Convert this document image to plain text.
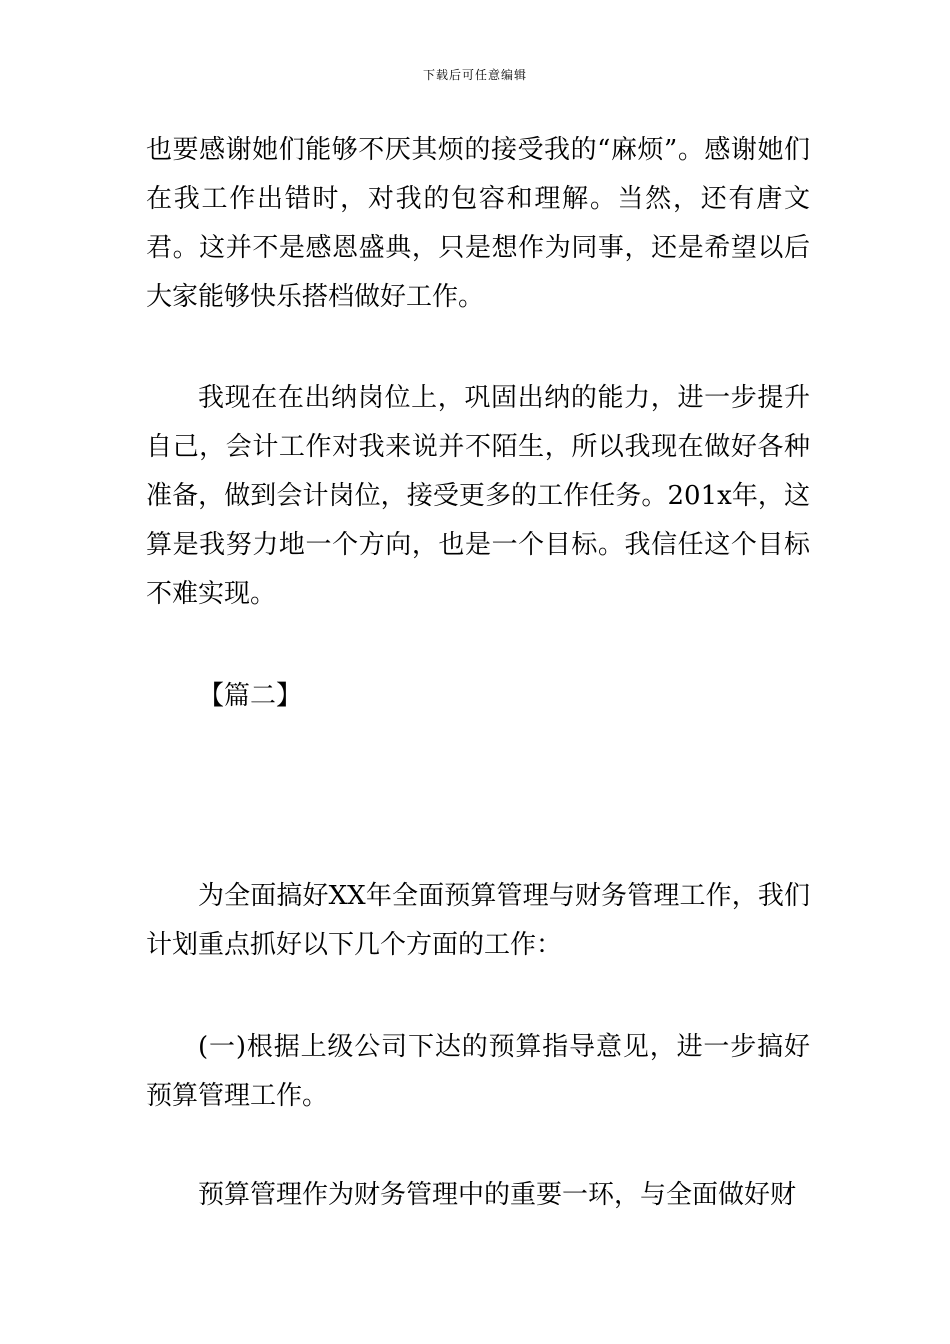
下载后可任意编辑

也要感谢她们能够不厌其烦的接受我的“麻烦”。感谢她们在我工作出错时，对我的包容和理解。当然，还有唐文君。这并不是感恩盛典，只是想作为同事，还是希望以后大家能够快乐搭档做好工作。

我现在在出纳岗位上，巩固出纳的能力，进一步提升自己，会计工作对我来说并不陌生，所以我现在做好各种准备，做到会计岗位，接受更多的工作任务。201x年，这算是我努力地一个方向，也是一个目标。我信任这个目标不难实现。

【篇二】

为全面搞好XX年全面预算管理与财务管理工作，我们计划重点抓好以下几个方面的工作：

(一)根据上级公司下达的预算指导意见，进一步搞好预算管理工作。

预算管理作为财务管理中的重要一环，与全面做好财
